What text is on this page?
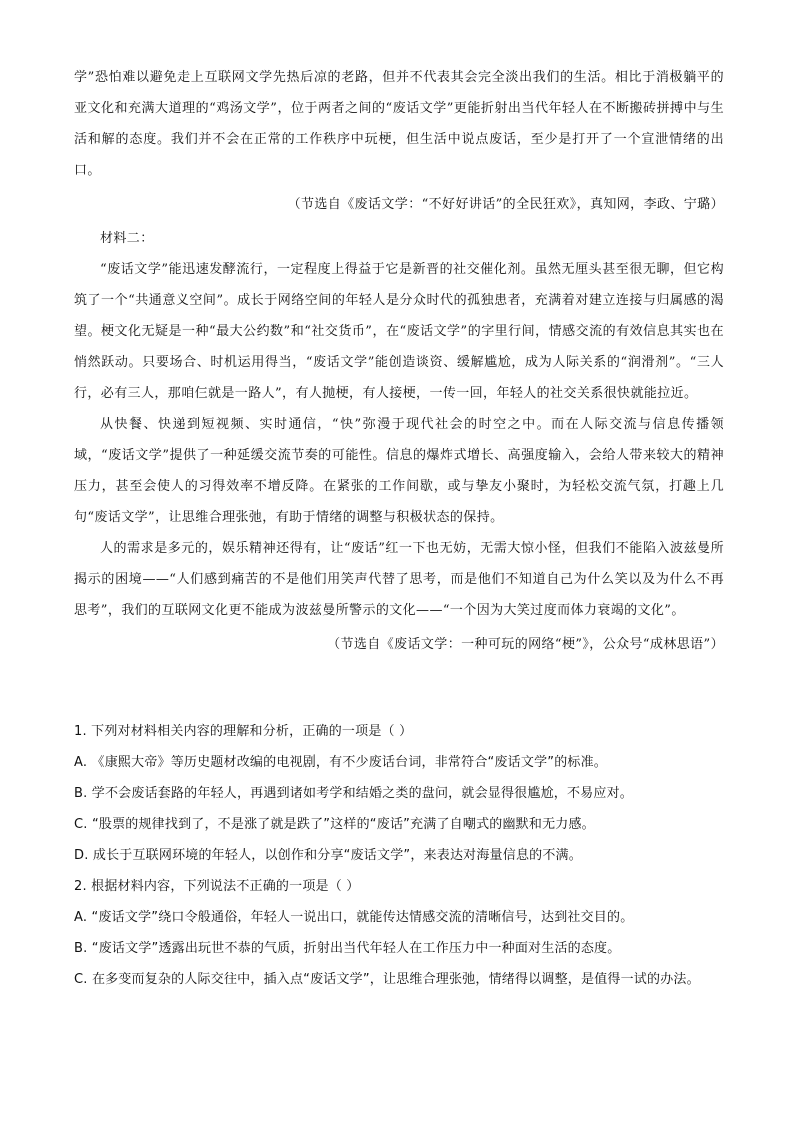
学”恐怕难以避免走上互联网文学先热后凉的老路，但并不代表其会完全淡出我们的生活。相比于消极躺平的亚文化和充满大道理的“鸡汤文学”，位于两者之间的“废话文学”更能折射出当代年轻人在不断搬砖拼搏中与生活和解的态度。我们并不会在正常的工作秩序中玩梗，但生活中说点废话，至少是打开了一个宣泄情绪的出口。

（节选自《废话文学：“不好好讲话”的全民狂欢》，真知网，李政、宁璐）

材料二：

“废话文学”能迅速发酵流行，一定程度上得益于它是新晋的社交催化剂。虽然无厘头甚至很无聊，但它构筑了一个“共通意义空间”。成长于网络空间的年轻人是分众时代的孤独患者，充满着对建立连接与归属感的渴望。梗文化无疑是一种“最大公约数”和“社交货币”，在“废话文学”的字里行间，情感交流的有效信息其实也在悄然跃动。只要场合、时机运用得当，“废话文学”能创造谈资、缓解尴尬，成为人际关系的“润滑剂”。“三人行，必有三人，那咱仨就是一路人”，有人抛梗，有人接梗，一传一回，年轻人的社交关系很快就能拉近。

从快餐、快递到短视频、实时通信，“快”弥漫于现代社会的时空之中。而在人际交流与信息传播领域，“废话文学”提供了一种延缓交流节奏的可能性。信息的爆炸式增长、高强度输入，会给人带来较大的精神压力，甚至会使人的习得效率不增反降。在紧张的工作间歇，或与挚友小聚时，为轻松交流气氛，打趣上几句“废话文学”，让思维合理张弛，有助于情绪的调整与积极状态的保持。

人的需求是多元的，娱乐精神还得有，让“废话”红一下也无妨，无需大惊小怪，但我们不能陷入波兹曼所揭示的困境——“人们感到痛苦的不是他们用笑声代替了思考，而是他们不知道自己为什么笑以及为什么不再思考”，我们的互联网文化更不能成为波兹曼所警示的文化——“一个因为大笑过度而体力衰竭的文化”。

（节选自《废话文学：一种可玩的网络“梗”》，公众号“成林思语”）

1. 下列对材料相关内容的理解和分析，正确的一项是（ ）

A. 《康熙大帝》等历史题材改编的电视剧，有不少废话台词，非常符合“废话文学”的标准。

B. 学不会废话套路的年轻人，再遇到诸如考学和结婚之类的盘问，就会显得很尴尬，不易应对。

C. “股票的规律找到了，不是涨了就是跌了”这样的“废话”充满了自嘲式的幽默和无力感。

D. 成长于互联网环境的年轻人，以创作和分享“废话文学”，来表达对海量信息的不满。

2. 根据材料内容，下列说法不正确的一项是（ ）

A. “废话文学”绕口令般通俗，年轻人一说出口，就能传达情感交流的清晰信号，达到社交目的。

B. “废话文学”透露出玩世不恭的气质，折射出当代年轻人在工作压力中一种面对生活的态度。

C. 在多变而复杂的人际交往中，插入点“废话文学”，让思维合理张弛，情绪得以调整，是值得一试的办法。
